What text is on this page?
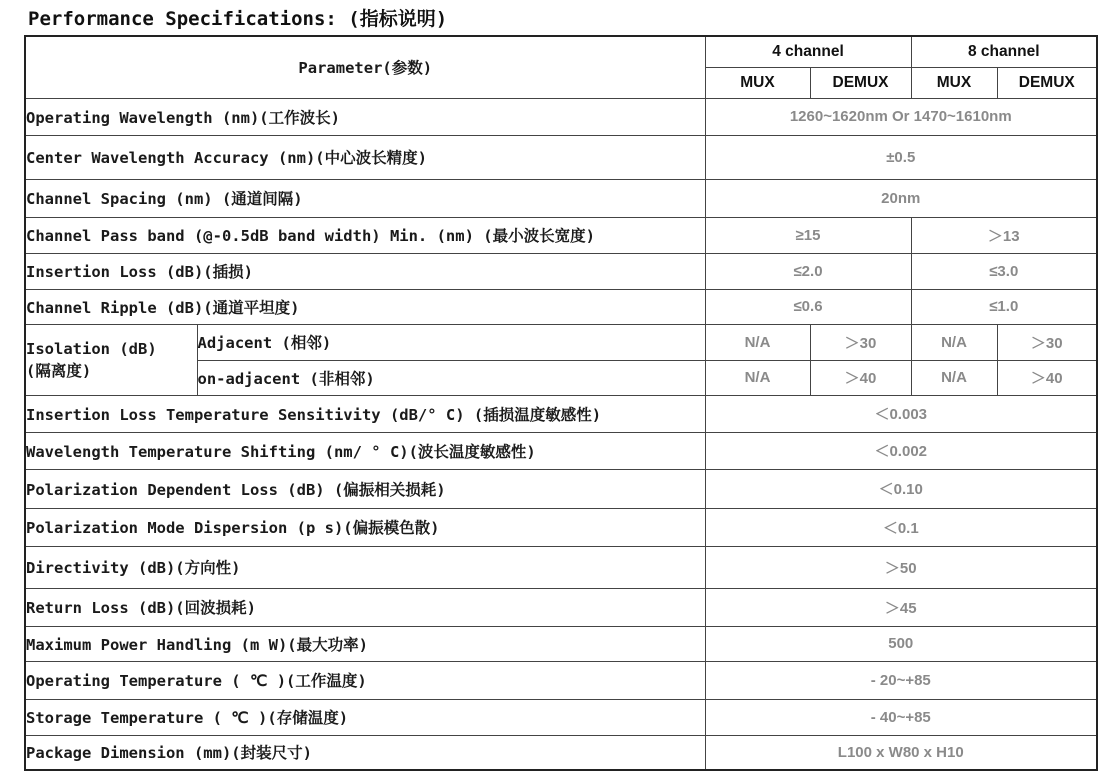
Performance Specifications: (指标说明)
Parameter(参数)		4 channel		8 channel	
		MUX	DEMUX	MUX	DEMUX
Operating Wavelength (nm)(工作波长)		1260~1620nm Or 1470~1610nm			
Center Wavelength Accuracy (nm)(中心波长精度)		±0.5			
Channel Spacing (nm) (通道间隔)		20nm			
Channel Pass band (@-0.5dB band width) Min. (nm) (最小波长宽度)		≥15		＞13	
Insertion Loss (dB)(插损)		≤2.0		≤3.0	
Channel Ripple (dB)(通道平坦度)		≤0.6		≤1.0	
Isolation (dB)
(隔离度)	Adjacent (相邻)	N/A	＞30	N/A	＞30
	on-adjacent (非相邻)	N/A	＞40	N/A	＞40
Insertion Loss Temperature Sensitivity (dB/° C) (插损温度敏感性)		＜0.003			
Wavelength Temperature Shifting (nm/ ° C)(波长温度敏感性)		＜0.002			
Polarization Dependent Loss (dB) (偏振相关损耗)		＜0.10			
Polarization Mode Dispersion (p s)(偏振模色散)		＜0.1			
Directivity (dB)(方向性)		＞50			
Return Loss (dB)(回波损耗)		＞45			
Maximum Power Handling (m W)(最大功率)		500			
Operating Temperature ( ℃ )(工作温度)		- 20~+85			
Storage Temperature ( ℃ )(存储温度)		- 40~+85			
Package Dimension (mm)(封装尺寸)		L100 x W80 x H10			
